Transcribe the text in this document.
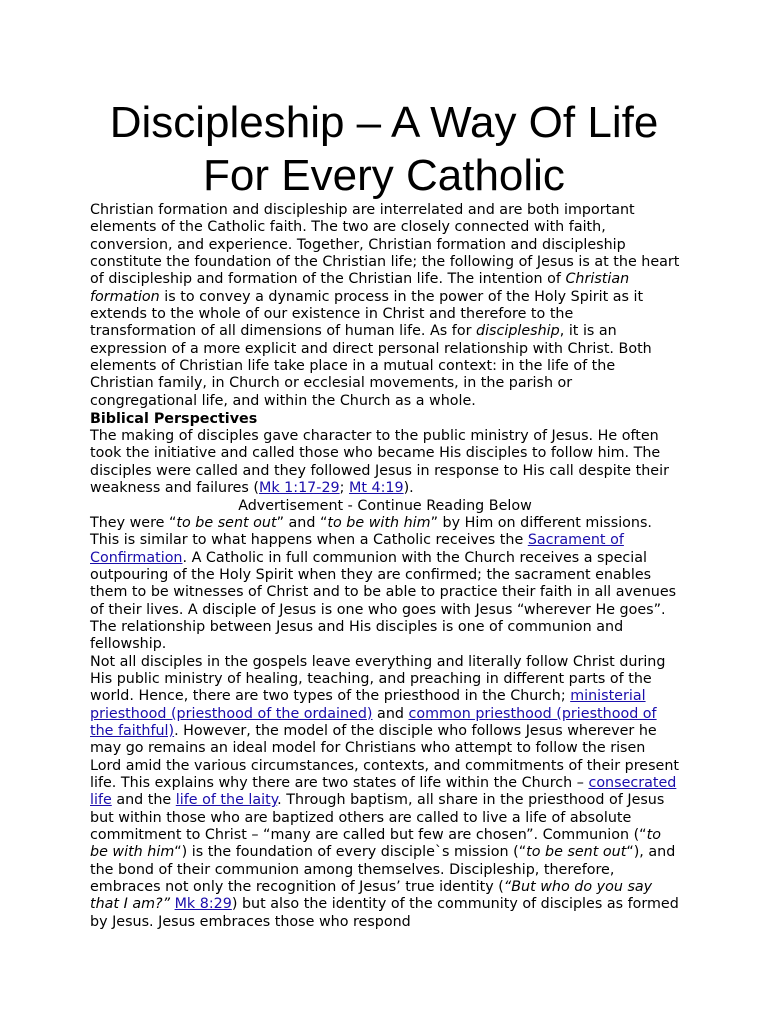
Discipleship – A Way Of Life For Every Catholic

Christian formation and discipleship are interrelated and are both important elements of the Catholic faith. The two are closely connected with faith, conversion, and experience. Together, Christian formation and discipleship constitute the foundation of the Christian life; the following of Jesus is at the heart of discipleship and formation of the Christian life. The intention of Christian formation is to convey a dynamic process in the power of the Holy Spirit as it extends to the whole of our existence in Christ and therefore to the transformation of all dimensions of human life. As for discipleship, it is an expression of a more explicit and direct personal relationship with Christ. Both elements of Christian life take place in a mutual context: in the life of the Christian family, in Church or ecclesial movements, in the parish or congregational life, and within the Church as a whole.

Biblical Perspectives

The making of disciples gave character to the public ministry of Jesus. He often took the initiative and called those who became His disciples to follow him. The disciples were called and they followed Jesus in response to His call despite their weakness and failures (Mk 1:17-29; Mt 4:19).

Advertisement - Continue Reading Below

They were “to be sent out” and “to be with him” by Him on different missions. This is similar to what happens when a Catholic receives the Sacrament of Confirmation. A Catholic in full communion with the Church receives a special outpouring of the Holy Spirit when they are confirmed; the sacrament enables them to be witnesses of Christ and to be able to practice their faith in all avenues of their lives. A disciple of Jesus is one who goes with Jesus “wherever He goes”. The relationship between Jesus and His disciples is one of communion and fellowship.

Not all disciples in the gospels leave everything and literally follow Christ during His public ministry of healing, teaching, and preaching in different parts of the world. Hence, there are two types of the priesthood in the Church; ministerial priesthood (priesthood of the ordained) and common priesthood (priesthood of the faithful). However, the model of the disciple who follows Jesus wherever he may go remains an ideal model for Christians who attempt to follow the risen Lord amid the various circumstances, contexts, and commitments of their present life. This explains why there are two states of life within the Church – consecrated life and the life of the laity. Through baptism, all share in the priesthood of Jesus but within those who are baptized others are called to live a life of absolute commitment to Christ – “many are called but few are chosen”. Communion (“to be with him“) is the foundation of every disciple`s mission (“to be sent out“), and the bond of their communion among themselves. Discipleship, therefore, embraces not only the recognition of Jesus’ true identity (“But who do you say that I am?” Mk 8:29) but also the identity of the community of disciples as formed by Jesus. Jesus embraces those who respond
